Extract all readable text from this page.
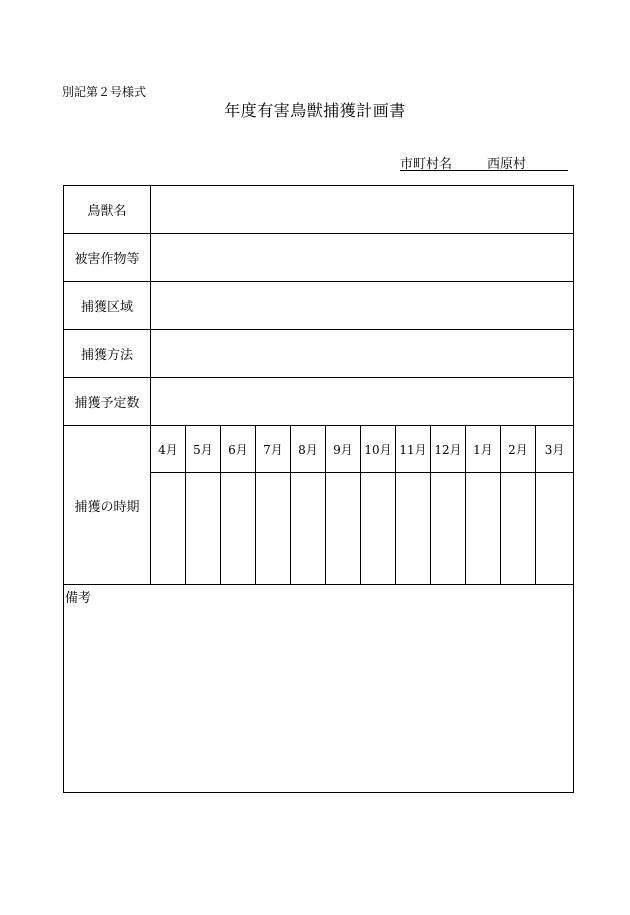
別記第２号様式
年度有害鳥獣捕獲計画書
市町村名	西原村
鳥獣名												
被害作物等												
捕獲区域												
捕獲方法												
捕獲予定数												
捕獲の時期	4月	5月	6月	7月	8月	9月	10月	11月	12月	1月	2月	3月

備考												
